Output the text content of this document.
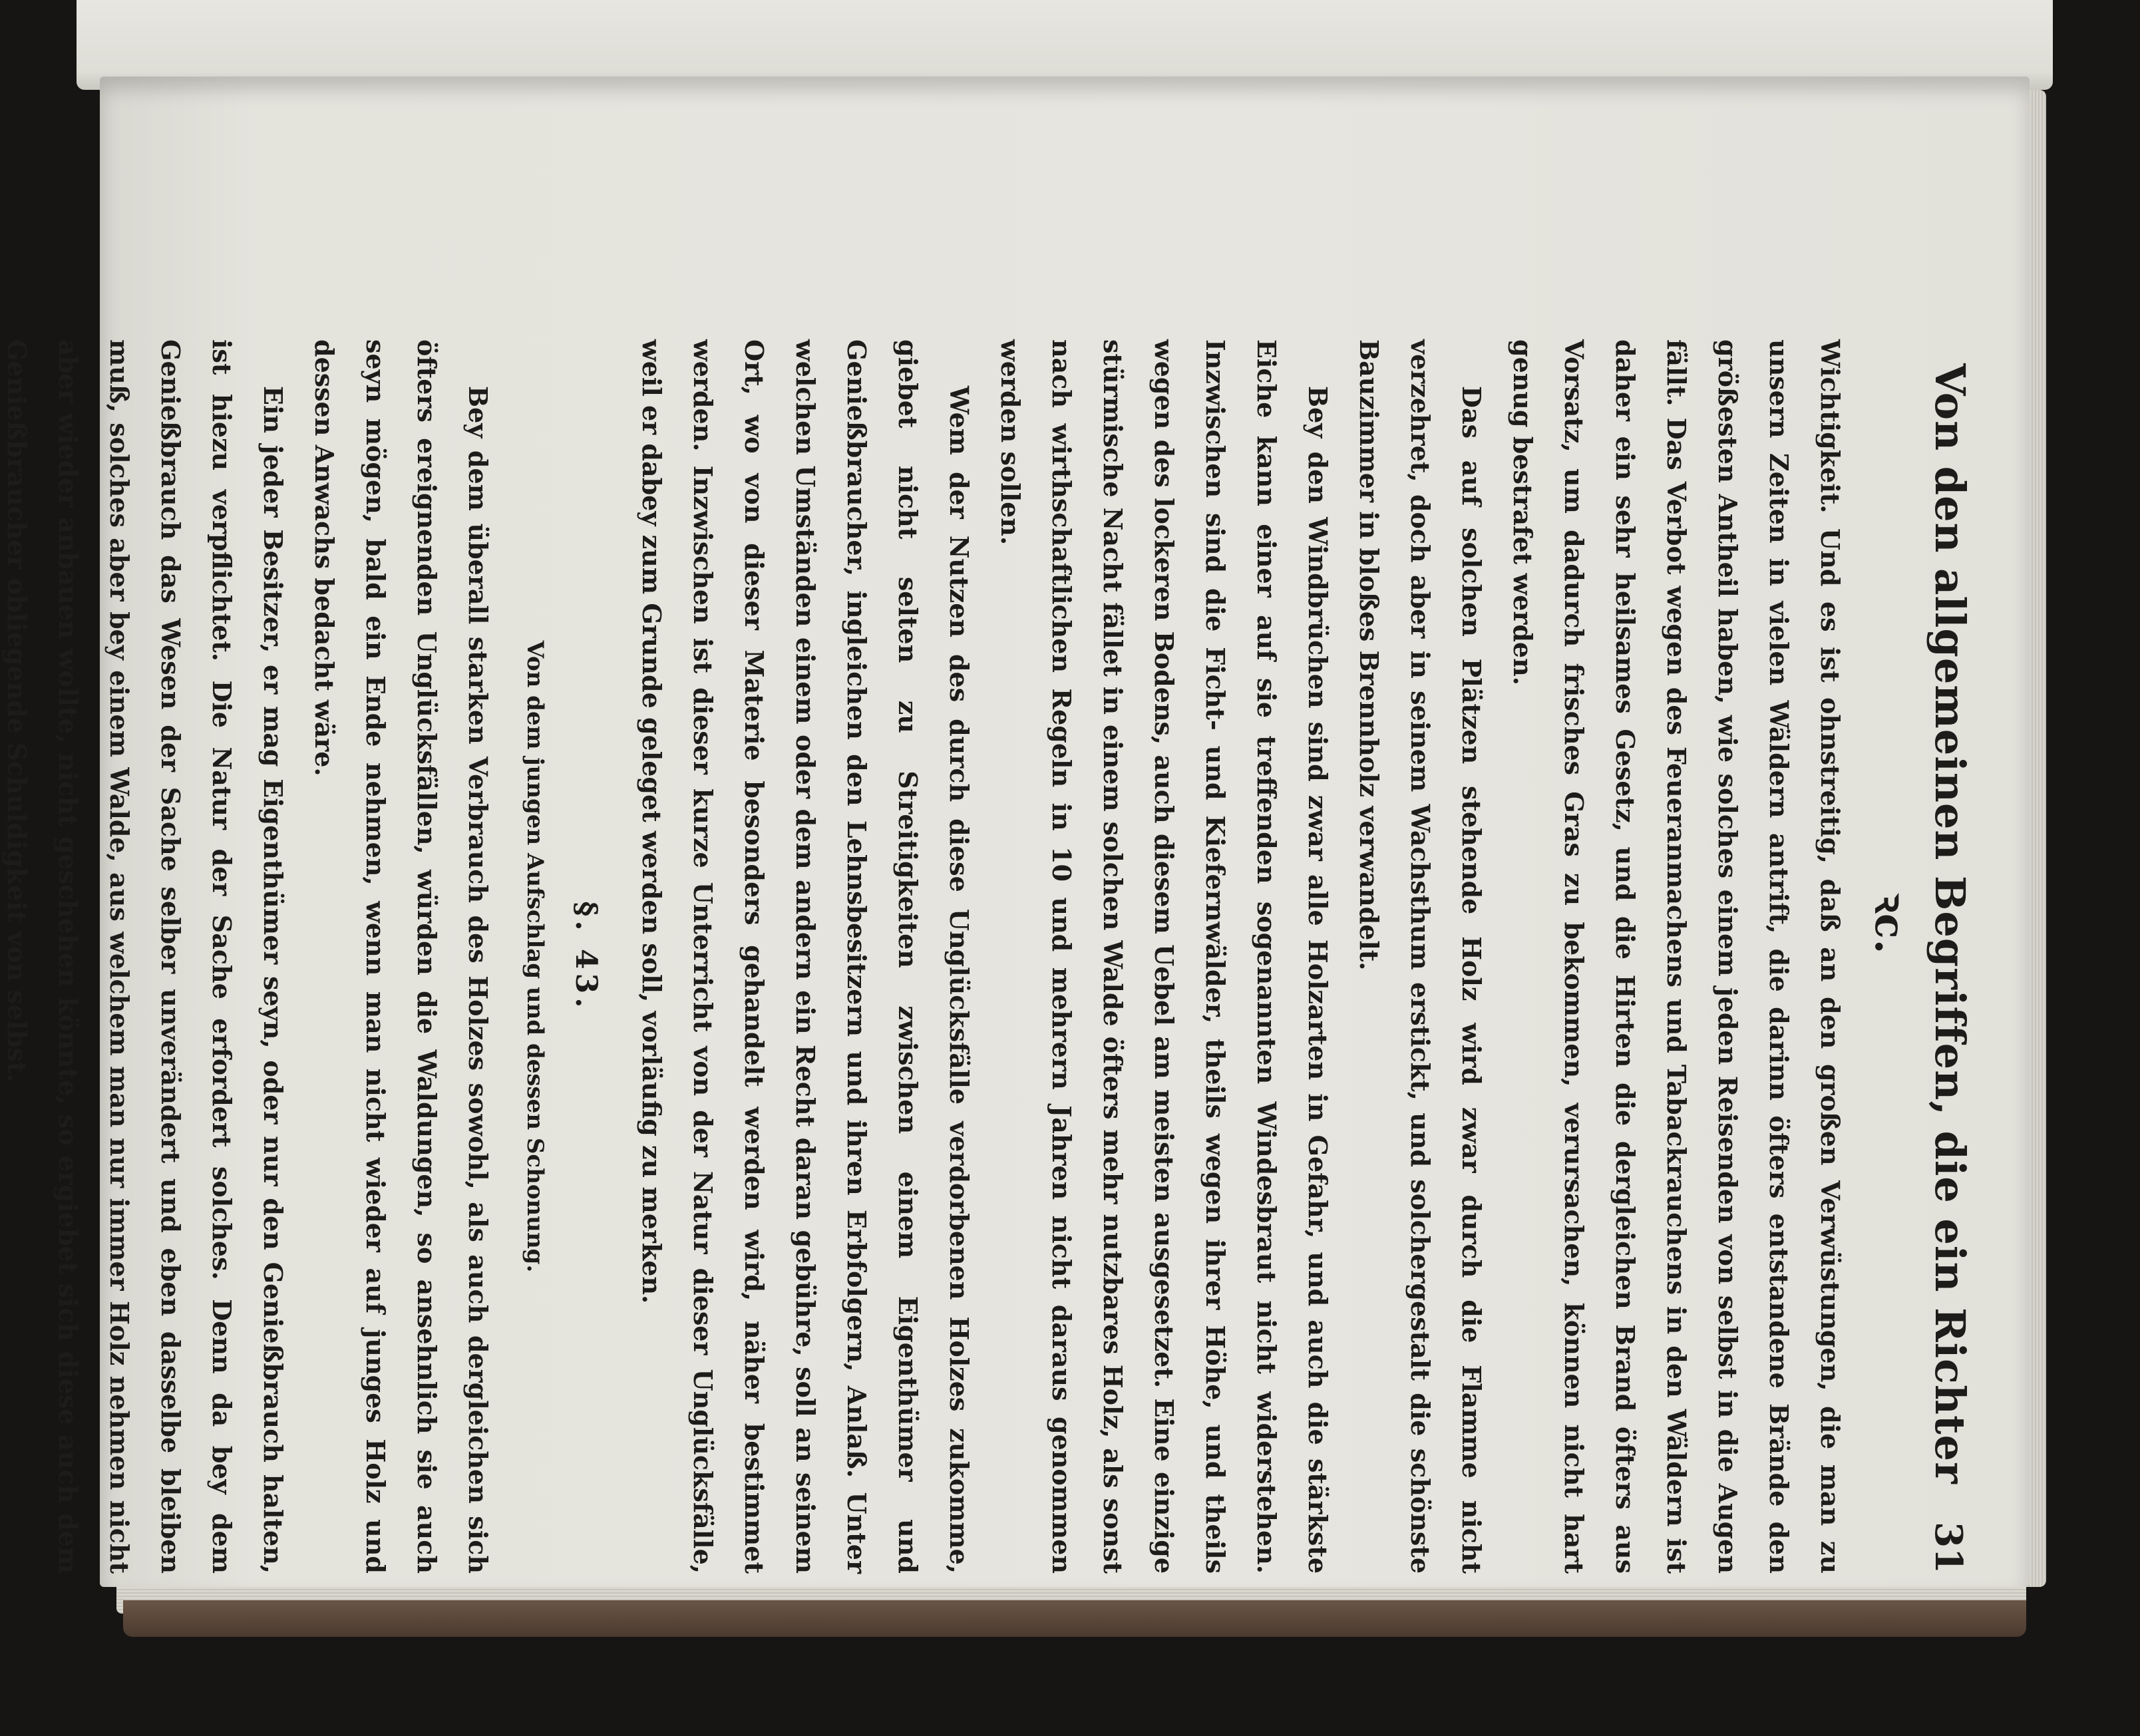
Von den allgemeinen Begriffen, die ein Richter ꝛc.
31

Wichtigkeit. Und es ist ohnstreitig, daß an den großen Verwüstungen, die man zu unsern Zeiten in vielen Wäldern antrift, die darinn öfters entstandene Brände den größesten Antheil haben, wie solches einem jeden Reisenden von selbst in die Augen fällt. Das Verbot wegen des Feueranmachens und Tabackrauchens in den Wäldern ist daher ein sehr heilsames Gesetz, und die Hirten die dergleichen Brand öfters aus Vorsatz, um dadurch frisches Gras zu bekommen, verursachen, können nicht hart genug bestrafet werden.

Das auf solchen Plätzen stehende Holz wird zwar durch die Flamme nicht verzehret, doch aber in seinem Wachsthum erstickt, und solchergestalt die schönste Bauzimmer in bloßes Brennholz verwandelt.

Bey den Windbrüchen sind zwar alle Holzarten in Gefahr, und auch die stärkste Eiche kann einer auf sie treffenden sogenannten Windesbraut nicht widerstehen. Inzwischen sind die Ficht- und Kiefernwälder, theils wegen ihrer Höhe, und theils wegen des lockeren Bodens, auch diesem Uebel am meisten ausgesetzet. Eine einzige stürmische Nacht fället in einem solchen Walde öfters mehr nutzbares Holz, als sonst nach wirthschaftlichen Regeln in 10 und mehrern Jahren nicht daraus genommen werden sollen.

Wem der Nutzen des durch diese Unglücksfälle verdorbenen Holzes zukomme, giebet nicht selten zu Streitigkeiten zwischen einem Eigenthümer und Genießbraucher, ingleichen den Lehnsbesitzern und ihren Erbfolgern, Anlaß. Unter welchen Umständen einem oder dem andern ein Recht daran gebühre, soll an seinem Ort, wo von dieser Materie besonders gehandelt werden wird, näher bestimmet werden. Inzwischen ist dieser kurze Unterricht von der Natur dieser Unglücksfälle, weil er dabey zum Grunde geleget werden soll, vorläufig zu merken.

§. 43.
Von dem jungen Aufschlag und dessen Schonung.

Bey dem überall starken Verbrauch des Holzes sowohl, als auch dergleichen sich öfters ereignenden Unglücksfällen, würden die Waldungen, so ansehnlich sie auch seyn mögen, bald ein Ende nehmen, wenn man nicht wieder auf junges Holz und dessen Anwachs bedacht wäre.

Ein jeder Besitzer, er mag Eigenthümer seyn, oder nur den Genießbrauch halten, ist hiezu verpflichtet. Die Natur der Sache erfordert solches. Denn da bey dem Genießbrauch das Wesen der Sache selber unverändert und eben dasselbe bleiben muß, solches aber bey einem Walde, aus welchem man nur immer Holz nehmen nicht aber wieder anbauen wollte, nicht geschehen könnte, so ergiebet sich diese auch dem Genießbraucher obliegende Schuldigkeit von selbst.
